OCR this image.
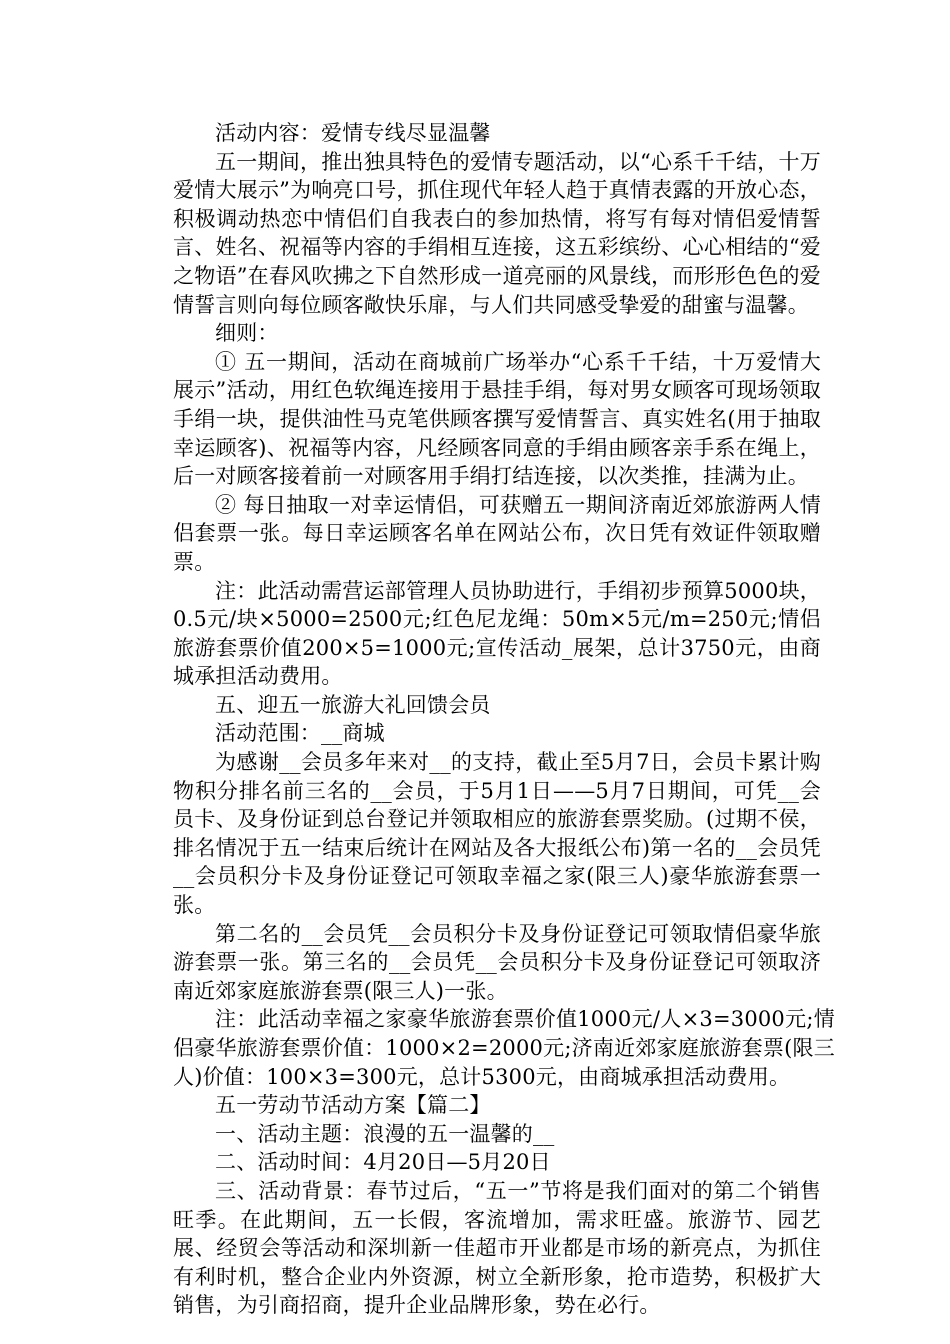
活动内容：爱情专线尽显温馨

五一期间，推出独具特色的爱情专题活动，以“心系千千结，十万爱情大展示”为响亮口号，抓住现代年轻人趋于真情表露的开放心态，积极调动热恋中情侣们自我表白的参加热情，将写有每对情侣爱情誓言、姓名、祝福等内容的手绢相互连接，这五彩缤纷、心心相结的“爱之物语”在春风吹拂之下自然形成一道亮丽的风景线，而形形色色的爱情誓言则向每位顾客敞快乐扉，与人们共同感受挚爱的甜蜜与温馨。

细则：

① 五一期间，活动在商城前广场举办“心系千千结，十万爱情大展示”活动，用红色软绳连接用于悬挂手绢，每对男女顾客可现场领取手绢一块，提供油性马克笔供顾客撰写爱情誓言、真实姓名(用于抽取幸运顾客)、祝福等内容，凡经顾客同意的手绢由顾客亲手系在绳上，后一对顾客接着前一对顾客用手绢打结连接，以次类推，挂满为止。

② 每日抽取一对幸运情侣，可获赠五一期间济南近郊旅游两人情侣套票一张。每日幸运顾客名单在网站公布，次日凭有效证件领取赠票。

注：此活动需营运部管理人员协助进行，手绢初步预算5000块，0.5元/块×5000=2500元;红色尼龙绳：50m×5元/m=250元;情侣旅游套票价值200×5=1000元;宣传活动_展架，总计3750元，由商城承担活动费用。

五、迎五一旅游大礼回馈会员

活动范围：__商城

为感谢__会员多年来对__的支持，截止至5月7日，会员卡累计购物积分排名前三名的__会员，于5月1日——5月7日期间，可凭__会员卡、及身份证到总台登记并领取相应的旅游套票奖励。(过期不侯，排名情况于五一结束后统计在网站及各大报纸公布)第一名的__会员凭__会员积分卡及身份证登记可领取幸福之家(限三人)豪华旅游套票一张。

第二名的__会员凭__会员积分卡及身份证登记可领取情侣豪华旅游套票一张。第三名的__会员凭__会员积分卡及身份证登记可领取济南近郊家庭旅游套票(限三人)一张。

注：此活动幸福之家豪华旅游套票价值1000元/人×3=3000元;情侣豪华旅游套票价值：1000×2=2000元;济南近郊家庭旅游套票(限三人)价值：100×3=300元，总计5300元，由商城承担活动费用。

五一劳动节活动方案【篇二】

一、活动主题：浪漫的五一温馨的__

二、活动时间：4月20日—5月20日

三、活动背景：春节过后，“五一”节将是我们面对的第二个销售旺季。在此期间，五一长假，客流增加，需求旺盛。旅游节、园艺展、经贸会等活动和深圳新一佳超市开业都是市场的新亮点，为抓住有利时机，整合企业内外资源，树立全新形象，抢市造势，积极扩大销售，为引商招商，提升企业品牌形象，势在必行。
